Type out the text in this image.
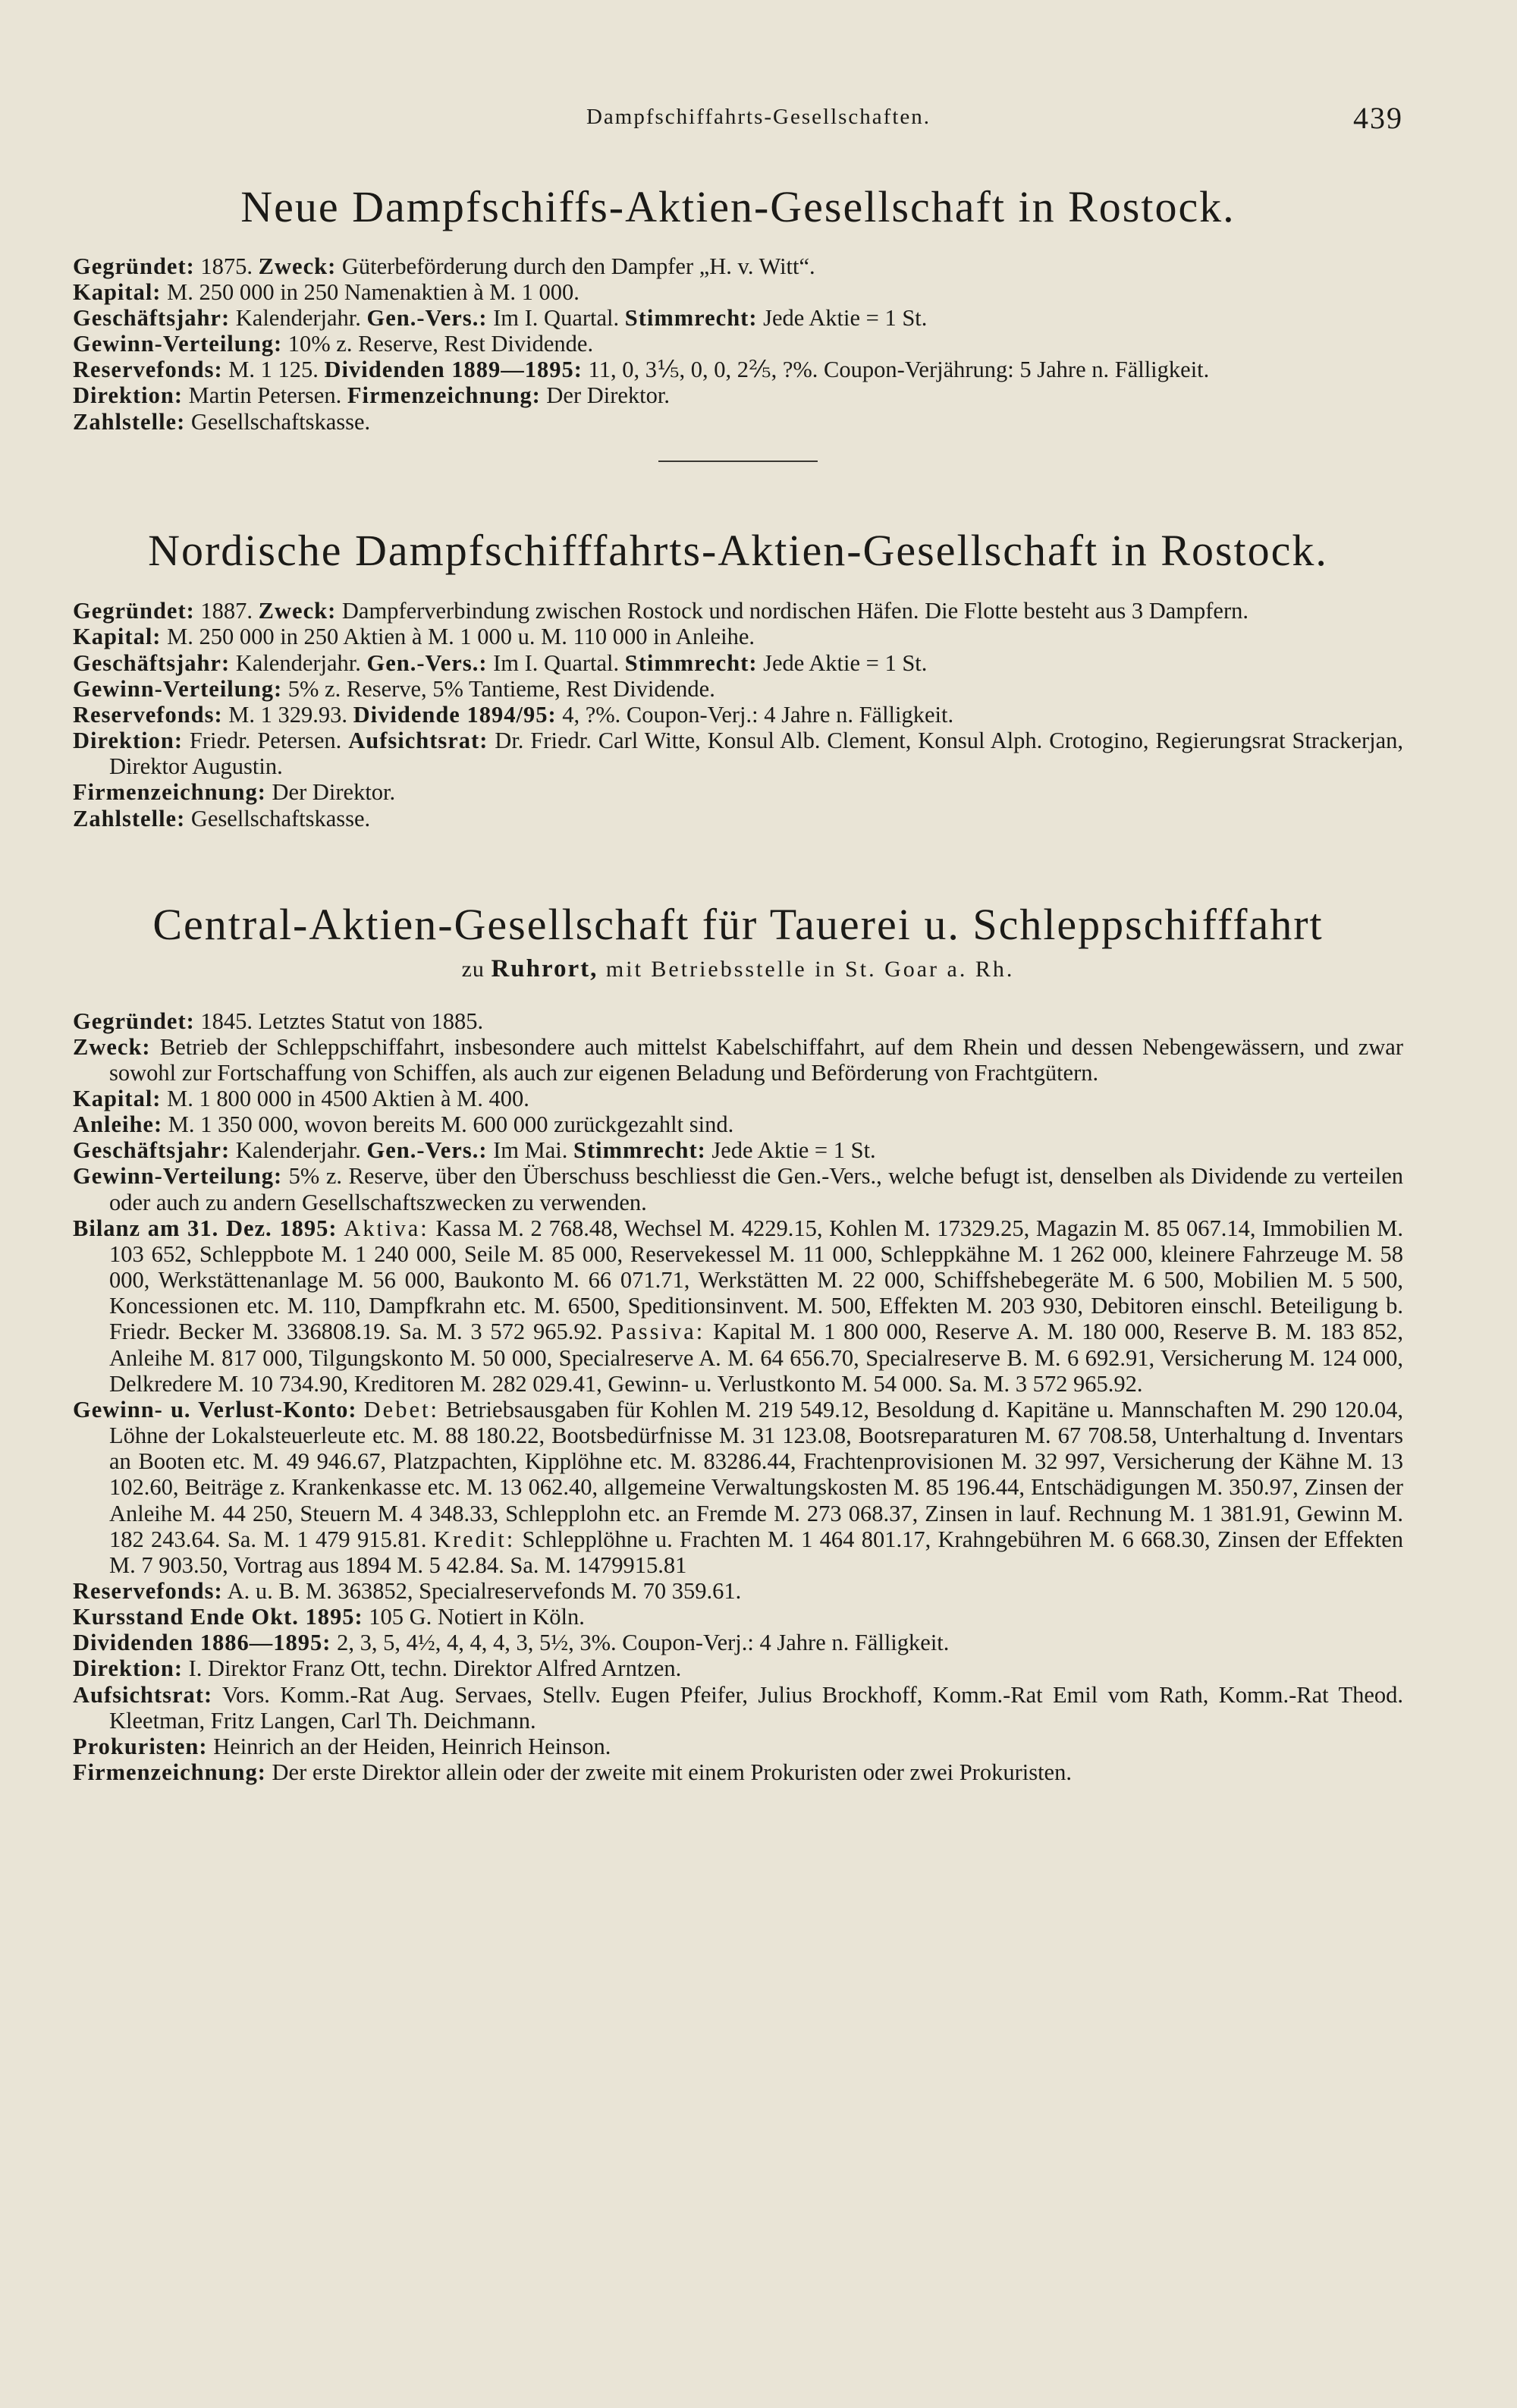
Dampfschiffahrts-Gesellschaften.	439
Neue Dampfschiffs-Aktien-Gesellschaft in Rostock.

Gegründet: 1875. Zweck: Güterbeförderung durch den Dampfer „H. v. Witt“.

Kapital: M. 250 000 in 250 Namenaktien à M. 1 000.

Geschäftsjahr: Kalenderjahr. Gen.-Vers.: Im I. Quartal. Stimmrecht: Jede Aktie = 1 St.

Gewinn-Verteilung: 10% z. Reserve, Rest Dividende.

Reservefonds: M. 1 125. Dividenden 1889—1895: 11, 0, 3⅕, 0, 0, 2⅖, ?%. Coupon-Verjährung: 5 Jahre n. Fälligkeit.

Direktion: Martin Petersen. Firmenzeichnung: Der Direktor.

Zahlstelle: Gesellschaftskasse.

Nordische Dampfschifffahrts-Aktien-Gesellschaft in Rostock.

Gegründet: 1887. Zweck: Dampferverbindung zwischen Rostock und nordischen Häfen. Die Flotte besteht aus 3 Dampfern.

Kapital: M. 250 000 in 250 Aktien à M. 1 000 u. M. 110 000 in Anleihe.

Geschäftsjahr: Kalenderjahr. Gen.-Vers.: Im I. Quartal. Stimmrecht: Jede Aktie = 1 St.

Gewinn-Verteilung: 5% z. Reserve, 5% Tantieme, Rest Dividende.

Reservefonds: M. 1 329.93. Dividende 1894/95: 4, ?%. Coupon-Verj.: 4 Jahre n. Fälligkeit.

Direktion: Friedr. Petersen. Aufsichtsrat: Dr. Friedr. Carl Witte, Konsul Alb. Clement, Konsul Alph. Crotogino, Regierungsrat Strackerjan, Direktor Augustin.

Firmenzeichnung: Der Direktor.

Zahlstelle: Gesellschaftskasse.

Central-Aktien-Gesellschaft für Tauerei u. Schleppschifffahrt
zu Ruhrort, mit Betriebsstelle in St. Goar a. Rh.

Gegründet: 1845. Letztes Statut von 1885.

Zweck: Betrieb der Schleppschiffahrt, insbesondere auch mittelst Kabelschiffahrt, auf dem Rhein und dessen Nebengewässern, und zwar sowohl zur Fortschaffung von Schiffen, als auch zur eigenen Beladung und Beförderung von Frachtgütern.

Kapital: M. 1 800 000 in 4500 Aktien à M. 400.

Anleihe: M. 1 350 000, wovon bereits M. 600 000 zurückgezahlt sind.

Geschäftsjahr: Kalenderjahr. Gen.-Vers.: Im Mai. Stimmrecht: Jede Aktie = 1 St.

Gewinn-Verteilung: 5% z. Reserve, über den Überschuss beschliesst die Gen.-Vers., welche befugt ist, denselben als Dividende zu verteilen oder auch zu andern Gesellschaftszwecken zu verwenden.

Bilanz am 31. Dez. 1895: Aktiva: Kassa M. 2 768.48, Wechsel M. 4229.15, Kohlen M. 17329.25, Magazin M. 85 067.14, Immobilien M. 103 652, Schleppbote M. 1 240 000, Seile M. 85 000, Reservekessel M. 11 000, Schleppkähne M. 1 262 000, kleinere Fahrzeuge M. 58 000, Werkstättenanlage M. 56 000, Baukonto M. 66 071.71, Werkstätten M. 22 000, Schiffshebegeräte M. 6 500, Mobilien M. 5 500, Koncessionen etc. M. 110, Dampfkrahn etc. M. 6500, Speditionsinvent. M. 500, Effekten M. 203 930, Debitoren einschl. Beteiligung b. Friedr. Becker M. 336808.19. Sa. M. 3 572 965.92. Passiva: Kapital M. 1 800 000, Reserve A. M. 180 000, Reserve B. M. 183 852, Anleihe M. 817 000, Tilgungskonto M. 50 000, Specialreserve A. M. 64 656.70, Specialreserve B. M. 6 692.91, Versicherung M. 124 000, Delkredere M. 10 734.90, Kreditoren M. 282 029.41, Gewinn- u. Verlustkonto M. 54 000. Sa. M. 3 572 965.92.

Gewinn- u. Verlust-Konto: Debet: Betriebsausgaben für Kohlen M. 219 549.12, Besoldung d. Kapitäne u. Mannschaften M. 290 120.04, Löhne der Lokalsteuerleute etc. M. 88 180.22, Bootsbedürfnisse M. 31 123.08, Bootsreparaturen M. 67 708.58, Unterhaltung d. Inventars an Booten etc. M. 49 946.67, Platzpachten, Kipplöhne etc. M. 83286.44, Frachtenprovisionen M. 32 997, Versicherung der Kähne M. 13 102.60, Beiträge z. Krankenkasse etc. M. 13 062.40, allgemeine Verwaltungskosten M. 85 196.44, Entschädigungen M. 350.97, Zinsen der Anleihe M. 44 250, Steuern M. 4 348.33, Schlepplohn etc. an Fremde M. 273 068.37, Zinsen in lauf. Rechnung M. 1 381.91, Gewinn M. 182 243.64. Sa. M. 1 479 915.81. Kredit: Schlepplöhne u. Frachten M. 1 464 801.17, Krahngebühren M. 6 668.30, Zinsen der Effekten M. 7 903.50, Vortrag aus 1894 M. 5 42.84. Sa. M. 1479915.81

Reservefonds: A. u. B. M. 363852, Specialreservefonds M. 70 359.61.

Kursstand Ende Okt. 1895: 105 G. Notiert in Köln.

Dividenden 1886—1895: 2, 3, 5, 4½, 4, 4, 4, 3, 5½, 3%. Coupon-Verj.: 4 Jahre n. Fälligkeit.

Direktion: I. Direktor Franz Ott, techn. Direktor Alfred Arntzen.

Aufsichtsrat: Vors. Komm.-Rat Aug. Servaes, Stellv. Eugen Pfeifer, Julius Brockhoff, Komm.-Rat Emil vom Rath, Komm.-Rat Theod. Kleetman, Fritz Langen, Carl Th. Deichmann.

Prokuristen: Heinrich an der Heiden, Heinrich Heinson.

Firmenzeichnung: Der erste Direktor allein oder der zweite mit einem Prokuristen oder zwei Prokuristen.
